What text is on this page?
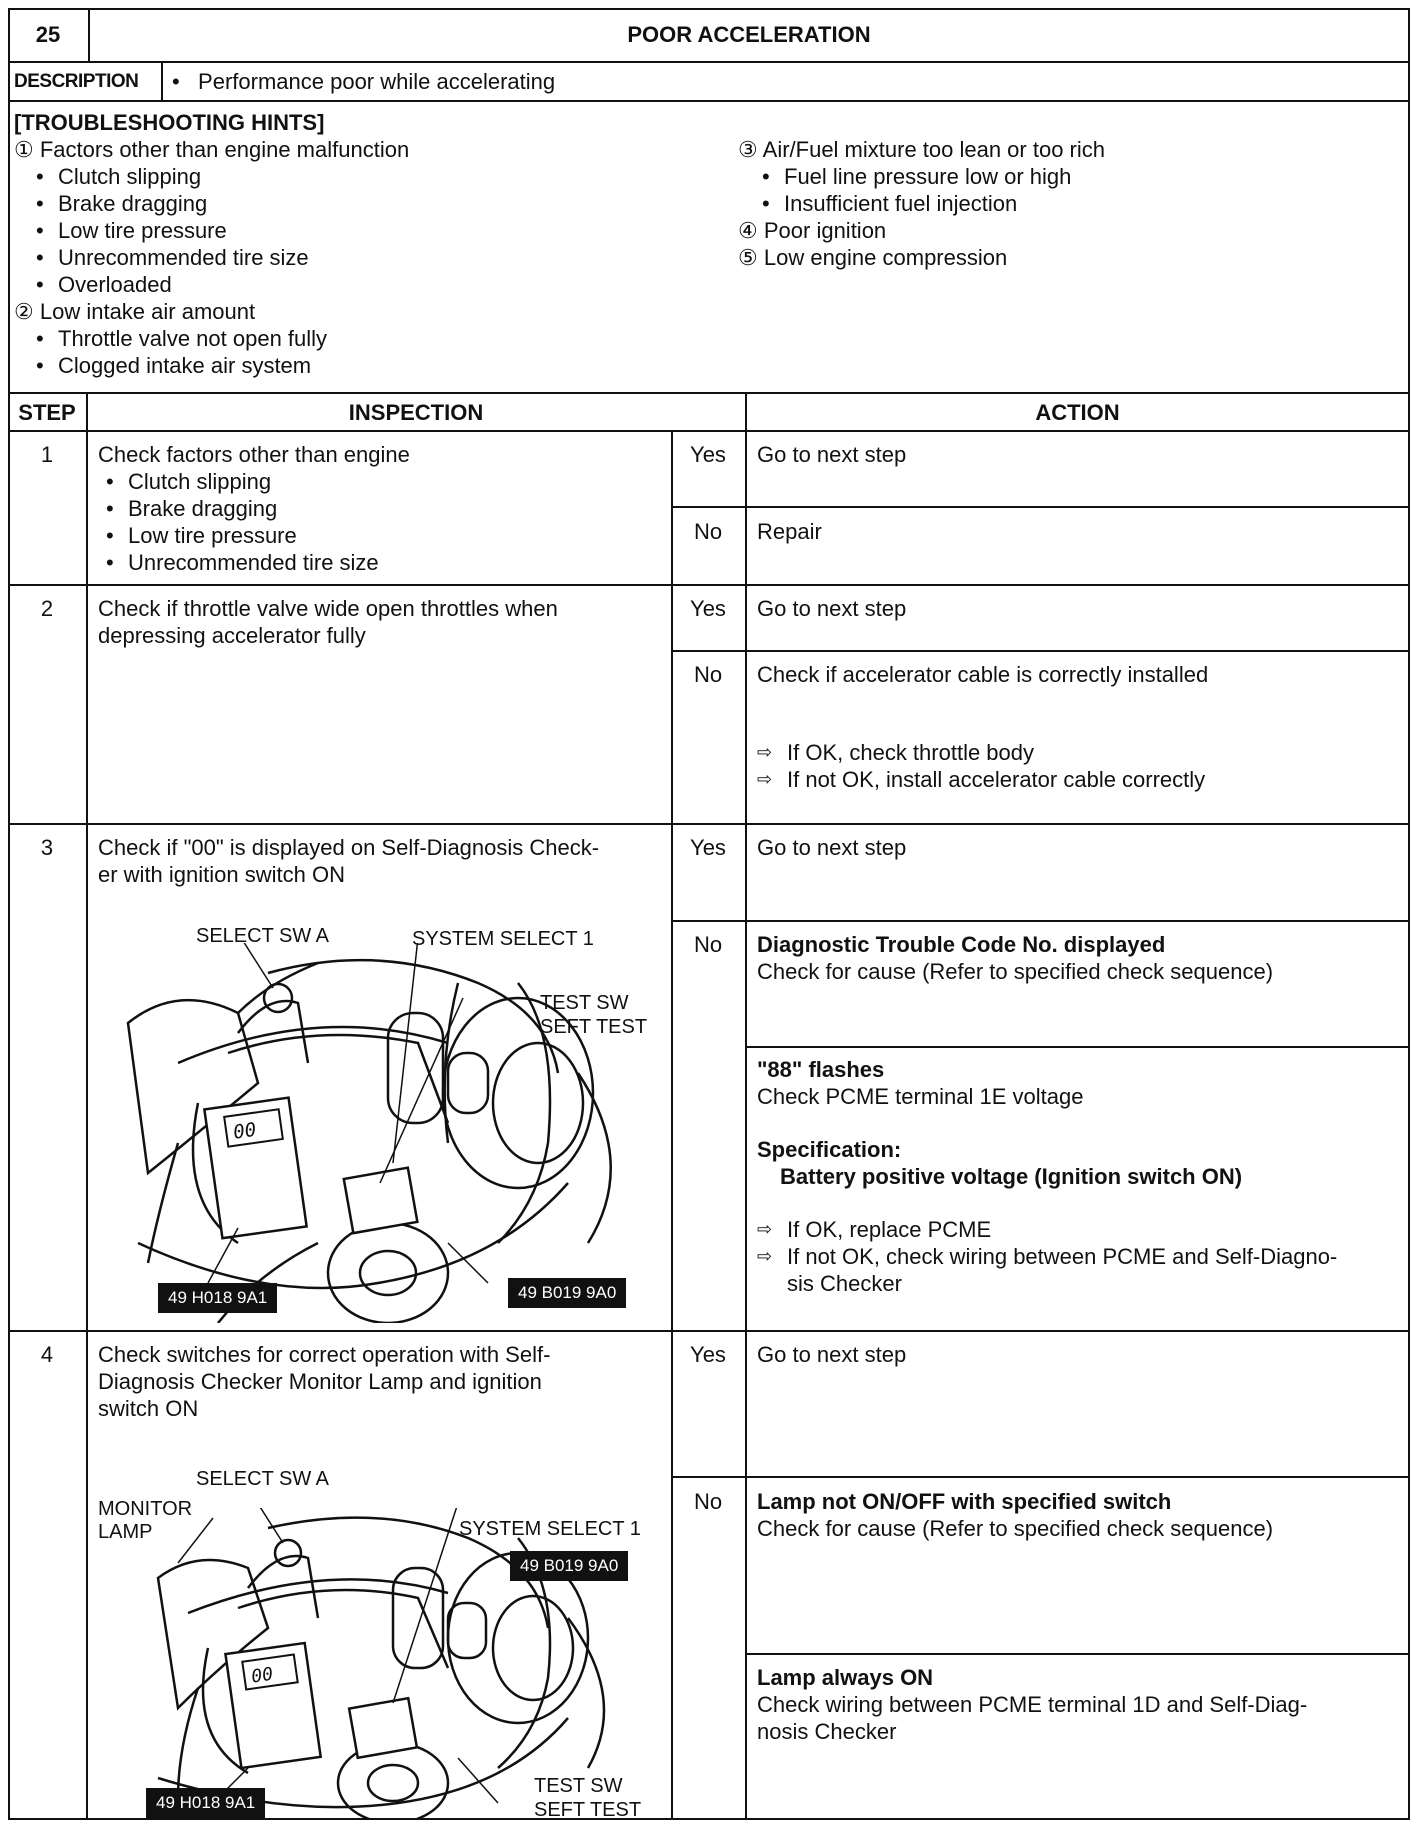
25	POOR ACCELERATION
DESCRIPTION •   Performance poor while accelerating
[TROUBLESHOOTING HINTS]
① Factors other than engine malfunction
• Clutch slipping
• Brake dragging
• Low tire pressure
• Unrecommended tire size
• Overloaded
② Low intake air amount
• Throttle valve not open fully
• Clogged intake air system
③ Air/Fuel mixture too lean or too rich
• Fuel line pressure low or high
• Insufficient fuel injection
④ Poor ignition
⑤ Low engine compression
STEP	INSPECTION	ACTION
1	Check factors other than engine
• Clutch slipping
• Brake dragging
• Low tire pressure
• Unrecommended tire size
Yes	Go to next step
No	Repair
2	Check if throttle valve wide open throttles when
depressing accelerator fully
Yes	Go to next step
No	Check if accelerator cable is correctly installed
⇨ If OK, check throttle body
⇨ If not OK, install accelerator cable correctly
3	Check if "00" is displayed on Self-Diagnosis Check-
er with ignition switch ON
00
SELECT SW A	SYSTEM SELECT 1
TEST SW
SEFT TEST
49 H018 9A1	49 B019 9A0
Yes	Go to next step
No	Diagnostic Trouble Code No. displayed
Check for cause (Refer to specified check sequence)
"88" flashes
Check PCME terminal 1E voltage
Specification:
Battery positive voltage (Ignition switch ON)
⇨ If OK, replace PCME
⇨ If not OK, check wiring between PCME and Self-Diagno-
sis Checker
4	Check switches for correct operation with Self-
Diagnosis Checker Monitor Lamp and ignition
switch ON
00
SELECT SW A
MONITOR
LAMP	SYSTEM SELECT 1
49 B019 9A0
TEST SW
SEFT TEST
49 H018 9A1
Yes	Go to next step
No	Lamp not ON/OFF with specified switch
Check for cause (Refer to specified check sequence)
Lamp always ON
Check wiring between PCME terminal 1D and Self-Diag-
nosis Checker
